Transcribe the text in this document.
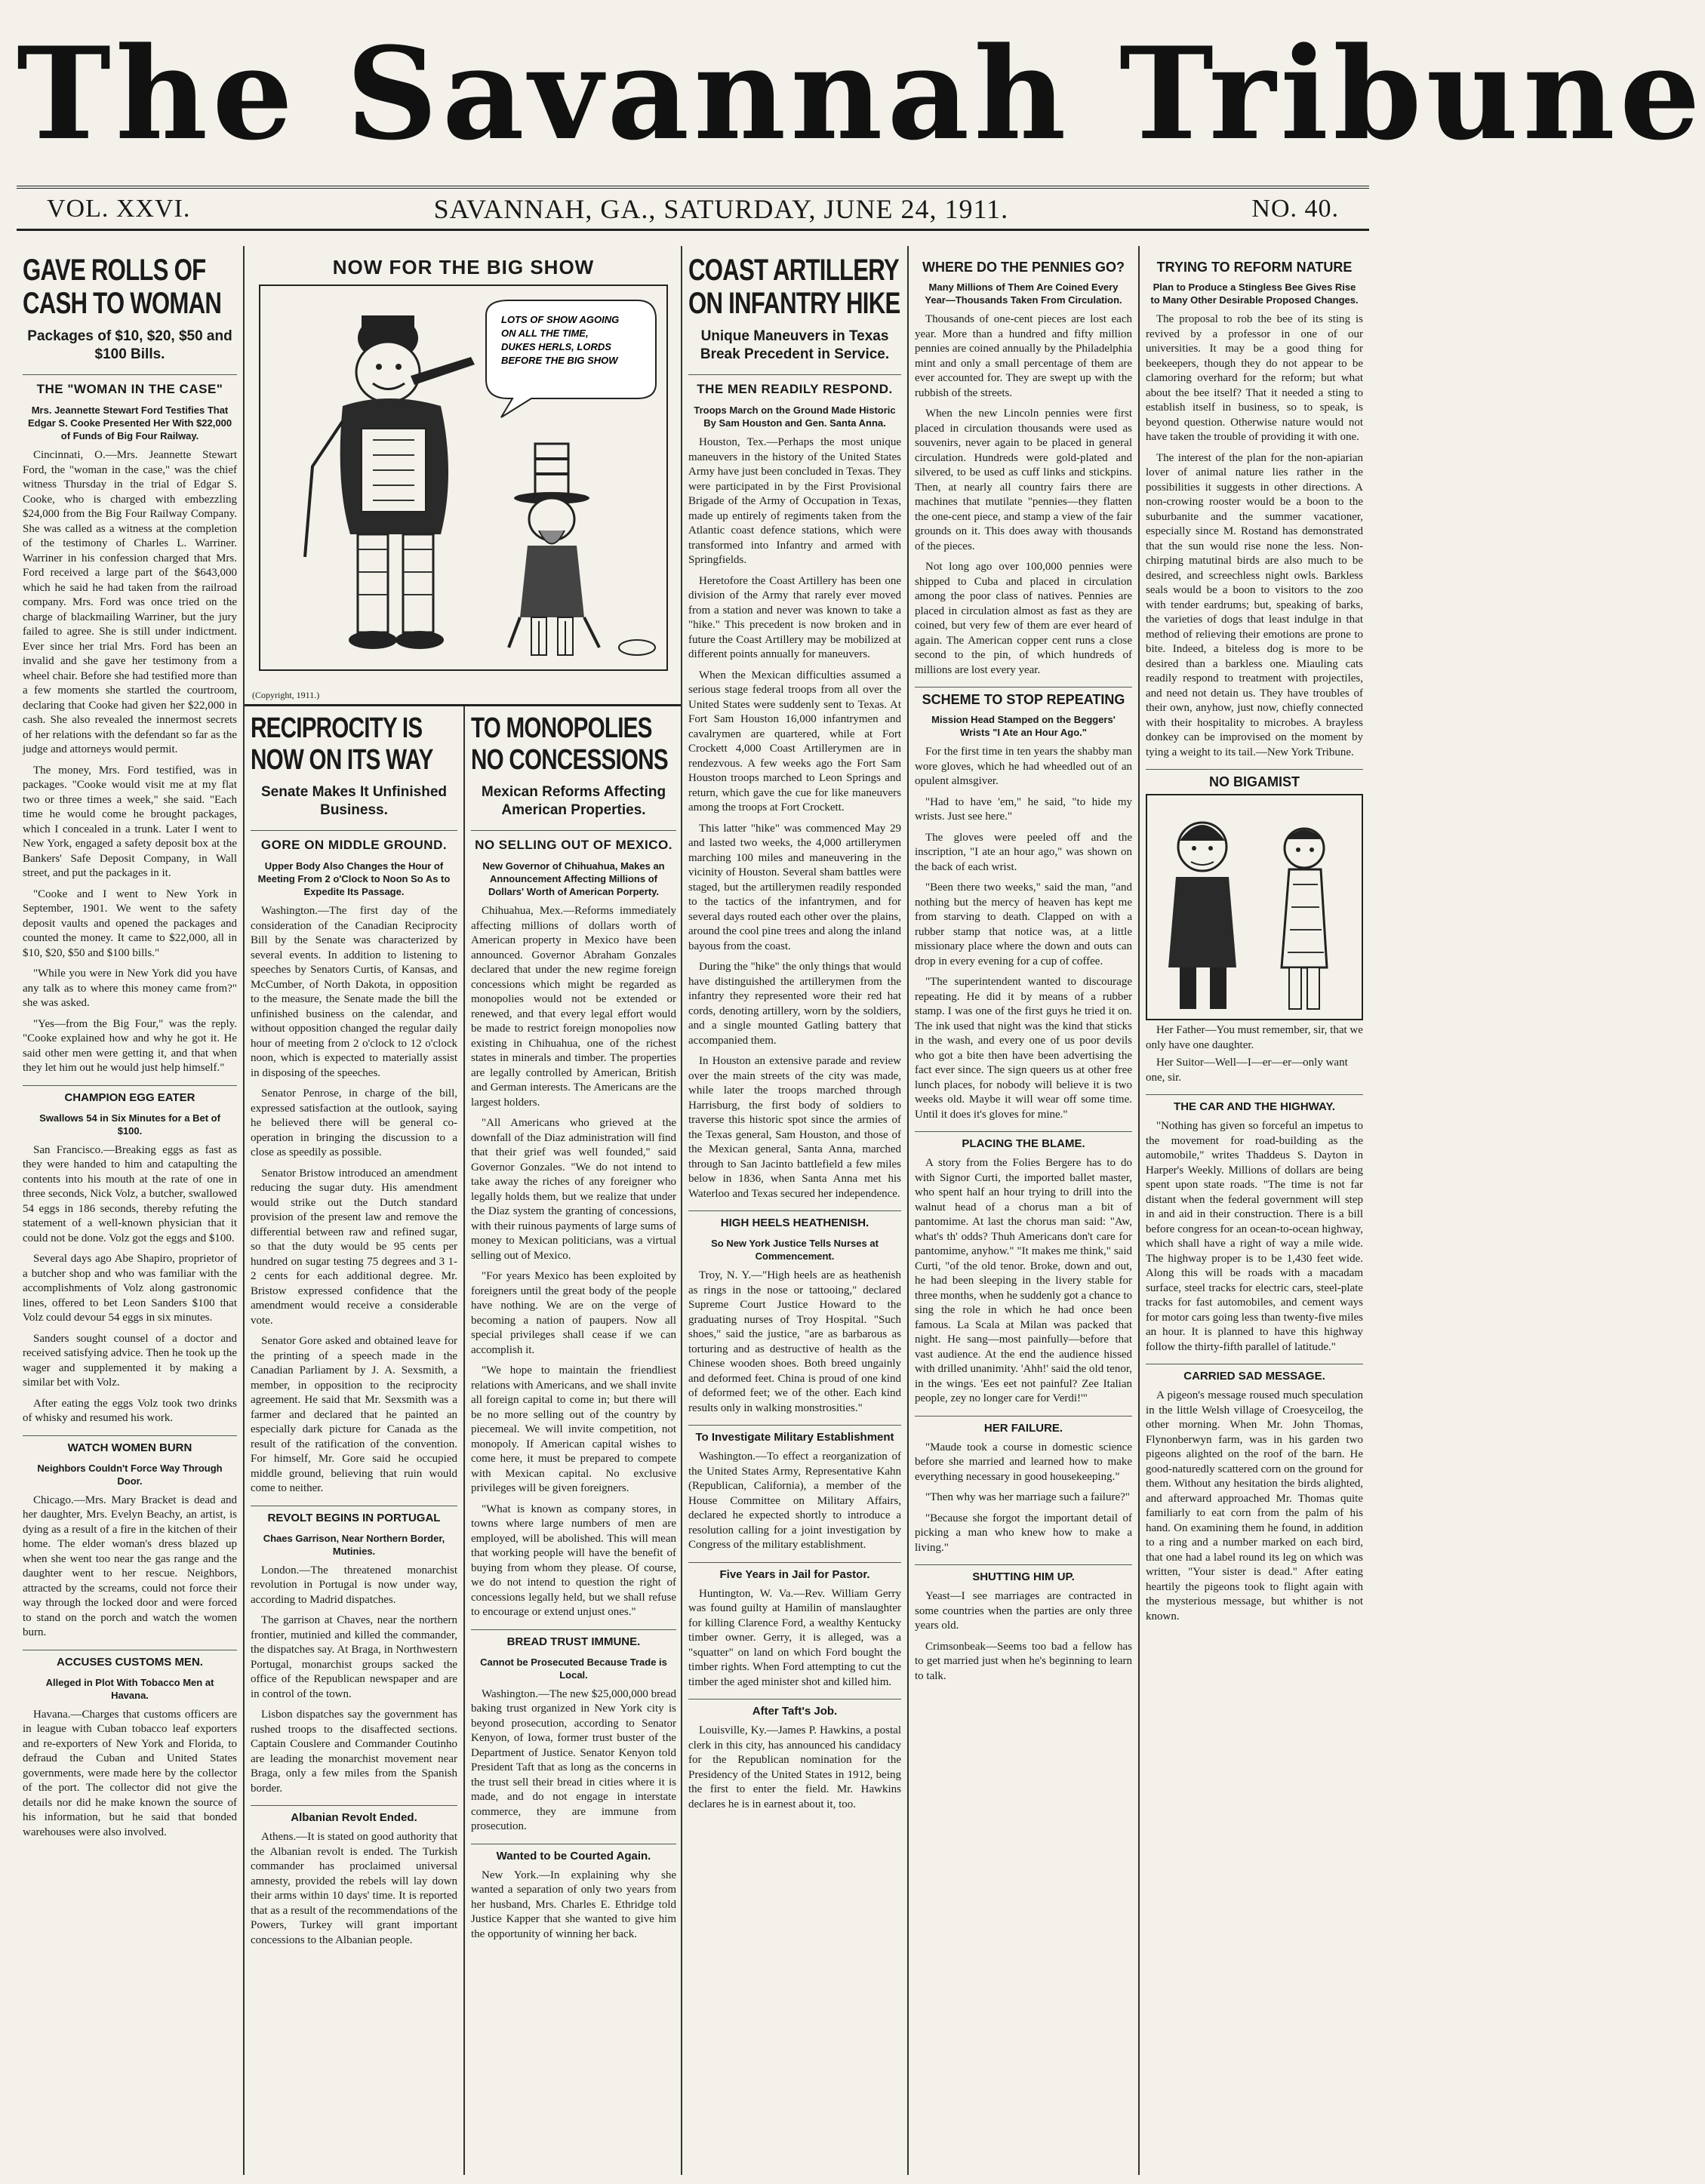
The Savannah Tribune
VOL. XXVI.	SAVANNAH, GA., SATURDAY, JUNE 24, 1911.	NO. 40.
GAVE ROLLS OF CASH TO WOMAN
Packages of $10, $20, $50 and $100 Bills.
THE "WOMAN IN THE CASE"
Mrs. Jeannette Stewart Ford Testifies That Edgar S. Cooke Presented Her With $22,000 of Funds of Big Four Railway.

Cincinnati, O.—Mrs. Jeannette Stewart Ford, the "woman in the case," was the chief witness Thursday in the trial of Edgar S. Cooke, who is charged with embezzling $24,000 from the Big Four Railway Company. She was called as a witness at the completion of the testimony of Charles L. Warriner. Warriner in his confession charged that Mrs. Ford received a large part of the $643,000 which he said he had taken from the railroad company. Mrs. Ford was once tried on the charge of blackmailing Warriner, but the jury failed to agree. She is still under indictment. Ever since her trial Mrs. Ford has been an invalid and she gave her testimony from a wheel chair. Before she had testified more than a few moments she startled the courtroom, declaring that Cooke had given her $22,000 in cash. She also revealed the innermost secrets of her relations with the defendant so far as the judge and attorneys would permit.

The money, Mrs. Ford testified, was in packages. "Cooke would visit me at my flat two or three times a week," she said. "Each time he would come he brought packages, which I concealed in a trunk. Later I went to New York, engaged a safety deposit box at the Bankers' Safe Deposit Company, in Wall street, and put the packages in it.

"Cooke and I went to New York in September, 1901. We went to the safety deposit vaults and opened the packages and counted the money. It came to $22,000, all in $10, $20, $50 and $100 bills."

"While you were in New York did you have any talk as to where this money came from?" she was asked.

"Yes—from the Big Four," was the reply. "Cooke explained how and why he got it. He said other men were getting it, and that when they let him out he would just help himself."

CHAMPION EGG EATER
Swallows 54 in Six Minutes for a Bet of $100.

San Francisco.—Breaking eggs as fast as they were handed to him and catapulting the contents into his mouth at the rate of one in three seconds, Nick Volz, a butcher, swallowed 54 eggs in 186 seconds, thereby refuting the statement of a well-known physician that it could not be done. Volz got the eggs and $100.

Several days ago Abe Shapiro, proprietor of a butcher shop and who was familiar with the accomplishments of Volz along gastronomic lines, offered to bet Leon Sanders $100 that Volz could devour 54 eggs in six minutes.

Sanders sought counsel of a doctor and received satisfying advice. Then he took up the wager and supplemented it by making a similar bet with Volz.

After eating the eggs Volz took two drinks of whisky and resumed his work.

WATCH WOMEN BURN
Neighbors Couldn't Force Way Through Door.

Chicago.—Mrs. Mary Bracket is dead and her daughter, Mrs. Evelyn Beachy, an artist, is dying as a result of a fire in the kitchen of their home. The elder woman's dress blazed up when she went too near the gas range and the daughter went to her rescue. Neighbors, attracted by the screams, could not force their way through the locked door and were forced to stand on the porch and watch the women burn.

ACCUSES CUSTOMS MEN.
Alleged in Plot With Tobacco Men at Havana.

Havana.—Charges that customs officers are in league with Cuban tobacco leaf exporters and re-exporters of New York and Florida, to defraud the Cuban and United States governments, were made here by the collector of the port. The collector did not give the details nor did he make known the source of his information, but he said that bonded warehouses were also involved.

NOW FOR THE BIG SHOW
LOTS OF SHOW AGOING ON ALL THE TIME, DUKES HERLS, LORDS BEFORE THE BIG SHOW
(Copyright, 1911.)
RECIPROCITY IS NOW ON ITS WAY
Senate Makes It Unfinished Business.
GORE ON MIDDLE GROUND.
Upper Body Also Changes the Hour of Meeting From 2 o'Clock to Noon So As to Expedite Its Passage.

Washington.—The first day of the consideration of the Canadian Reciprocity Bill by the Senate was characterized by several events. In addition to listening to speeches by Senators Curtis, of Kansas, and McCumber, of North Dakota, in opposition to the measure, the Senate made the bill the unfinished business on the calendar, and without opposition changed the regular daily hour of meeting from 2 o'clock to 12 o'clock noon, which is expected to materially assist in disposing of the speeches.

Senator Penrose, in charge of the bill, expressed satisfaction at the outlook, saying he believed there will be general co-operation in bringing the discussion to a close as speedily as possible.

Senator Bristow introduced an amendment reducing the sugar duty. His amendment would strike out the Dutch standard provision of the present law and remove the differential between raw and refined sugar, so that the duty would be 95 cents per hundred on sugar testing 75 degrees and 3 1-2 cents for each additional degree. Mr. Bristow expressed confidence that the amendment would receive a considerable vote.

Senator Gore asked and obtained leave for the printing of a speech made in the Canadian Parliament by J. A. Sexsmith, a member, in opposition to the reciprocity agreement. He said that Mr. Sexsmith was a farmer and declared that he painted an especially dark picture for Canada as the result of the ratification of the convention. For himself, Mr. Gore said he occupied middle ground, believing that ruin would come to neither.

REVOLT BEGINS IN PORTUGAL
Chaes Garrison, Near Northern Border, Mutinies.

London.—The threatened monarchist revolution in Portugal is now under way, according to Madrid dispatches.

The garrison at Chaves, near the northern frontier, mutinied and killed the commander, the dispatches say. At Braga, in Northwestern Portugal, monarchist groups sacked the office of the Republican newspaper and are in control of the town.

Lisbon dispatches say the government has rushed troops to the disaffected sections. Captain Couslere and Commander Coutinho are leading the monarchist movement near Braga, only a few miles from the Spanish border.

Albanian Revolt Ended.

Athens.—It is stated on good authority that the Albanian revolt is ended. The Turkish commander has proclaimed universal amnesty, provided the rebels will lay down their arms within 10 days' time. It is reported that as a result of the recommendations of the Powers, Turkey will grant important concessions to the Albanian people.

TO MONOPOLIES NO CONCESSIONS
Mexican Reforms Affecting American Properties.
NO SELLING OUT OF MEXICO.
New Governor of Chihuahua, Makes an Announcement Affecting Millions of Dollars' Worth of American Porperty.

Chihuahua, Mex.—Reforms immediately affecting millions of dollars worth of American property in Mexico have been announced. Governor Abraham Gonzales declared that under the new regime foreign concessions which might be regarded as monopolies would not be extended or renewed, and that every legal effort would be made to restrict foreign monopolies now existing in Chihuahua, one of the richest states in minerals and timber. The properties are legally controlled by American, British and German interests. The Americans are the largest holders.

"All Americans who grieved at the downfall of the Diaz administration will find that their grief was well founded," said Governor Gonzales. "We do not intend to take away the riches of any foreigner who legally holds them, but we realize that under the Diaz system the granting of concessions, with their ruinous payments of large sums of money to Mexican politicians, was a virtual selling out of Mexico.

"For years Mexico has been exploited by foreigners until the great body of the people have nothing. We are on the verge of becoming a nation of paupers. Now all special privileges shall cease if we can accomplish it.

"We hope to maintain the friendliest relations with Americans, and we shall invite all foreign capital to come in; but there will be no more selling out of the country by piecemeal. We will invite competition, not monopoly. If American capital wishes to come here, it must be prepared to compete with Mexican capital. No exclusive privileges will be given foreigners.

"What is known as company stores, in towns where large numbers of men are employed, will be abolished. This will mean that working people will have the benefit of buying from whom they please. Of course, we do not intend to question the right of concessions legally held, but we shall refuse to encourage or extend unjust ones."

BREAD TRUST IMMUNE.
Cannot be Prosecuted Because Trade is Local.

Washington.—The new $25,000,000 bread baking trust organized in New York city is beyond prosecution, according to Senator Kenyon, of Iowa, former trust buster of the Department of Justice. Senator Kenyon told President Taft that as long as the concerns in the trust sell their bread in cities where it is made, and do not engage in interstate commerce, they are immune from prosecution.

Wanted to be Courted Again.

New York.—In explaining why she wanted a separation of only two years from her husband, Mrs. Charles E. Ethridge told Justice Kapper that she wanted to give him the opportunity of winning her back.

COAST ARTILLERY ON INFANTRY HIKE
Unique Maneuvers in Texas Break Precedent in Service.
THE MEN READILY RESPOND.
Troops March on the Ground Made Historic By Sam Houston and Gen. Santa Anna.

Houston, Tex.—Perhaps the most unique maneuvers in the history of the United States Army have just been concluded in Texas. They were participated in by the First Provisional Brigade of the Army of Occupation in Texas, made up entirely of regiments taken from the Atlantic coast defence stations, which were transformed into Infantry and armed with Springfields.

Heretofore the Coast Artillery has been one division of the Army that rarely ever moved from a station and never was known to take a "hike." This precedent is now broken and in future the Coast Artillery may be mobilized at different points annually for maneuvers.

When the Mexican difficulties assumed a serious stage federal troops from all over the United States were suddenly sent to Texas. At Fort Sam Houston 16,000 infantrymen and cavalrymen are quartered, while at Fort Crockett 4,000 Coast Artillerymen are in rendezvous. A few weeks ago the Fort Sam Houston troops marched to Leon Springs and return, which gave the cue for like maneuvers among the troops at Fort Crockett.

This latter "hike" was commenced May 29 and lasted two weeks, the 4,000 artillerymen marching 100 miles and maneuvering in the vicinity of Houston. Several sham battles were staged, but the artillerymen readily responded to the tactics of the infantrymen, and for several days routed each other over the plains, around the cool pine trees and along the inland bayous from the coast.

During the "hike" the only things that would have distinguished the artillerymen from the infantry they represented wore their red hat cords, denoting artillery, worn by the soldiers, and a single mounted Gatling battery that accompanied them.

In Houston an extensive parade and review over the main streets of the city was made, while later the troops marched through Harrisburg, the first body of soldiers to traverse this historic spot since the armies of the Texas general, Sam Houston, and those of the Mexican general, Santa Anna, marched through to San Jacinto battlefield a few miles below in 1836, when Santa Anna met his Waterloo and Texas secured her independence.

HIGH HEELS HEATHENISH.
So New York Justice Tells Nurses at Commencement.

Troy, N. Y.—"High heels are as heathenish as rings in the nose or tattooing," declared Supreme Court Justice Howard to the graduating nurses of Troy Hospital. "Such shoes," said the justice, "are as barbarous as torturing and as destructive of health as the Chinese wooden shoes. Both breed ungainly and deformed feet. China is proud of one kind of deformed feet; we of the other. Each kind results only in walking monstrosities."

To Investigate Military Establishment

Washington.—To effect a reorganization of the United States Army, Representative Kahn (Republican, California), a member of the House Committee on Military Affairs, declared he expected shortly to introduce a resolution calling for a joint investigation by Congress of the military establishment.

Five Years in Jail for Pastor.

Huntington, W. Va.—Rev. William Gerry was found guilty at Hamilin of manslaughter for killing Clarence Ford, a wealthy Kentucky timber owner. Gerry, it is alleged, was a "squatter" on land on which Ford bought the timber rights. When Ford attempting to cut the timber the aged minister shot and killed him.

After Taft's Job.

Louisville, Ky.—James P. Hawkins, a postal clerk in this city, has announced his candidacy for the Republican nomination for the Presidency of the United States in 1912, being the first to enter the field. Mr. Hawkins declares he is in earnest about it, too.

WHERE DO THE PENNIES GO?
Many Millions of Them Are Coined Every Year—Thousands Taken From Circulation.

Thousands of one-cent pieces are lost each year. More than a hundred and fifty million pennies are coined annually by the Philadelphia mint and only a small percentage of them are ever accounted for. They are swept up with the rubbish of the streets.

When the new Lincoln pennies were first placed in circulation thousands were used as souvenirs, never again to be placed in general circulation. Hundreds were gold-plated and silvered, to be used as cuff links and stickpins. Then, at nearly all country fairs there are machines that mutilate "pennies—they flatten the one-cent piece, and stamp a view of the fair grounds on it. This does away with thousands of the pieces.

Not long ago over 100,000 pennies were shipped to Cuba and placed in circulation among the poor class of natives. Pennies are placed in circulation almost as fast as they are coined, but very few of them are ever heard of again. The American copper cent runs a close second to the pin, of which hundreds of millions are lost every year.

SCHEME TO STOP REPEATING
Mission Head Stamped on the Beggers' Wrists "I Ate an Hour Ago."

For the first time in ten years the shabby man wore gloves, which he had wheedled out of an opulent almsgiver.

"Had to have 'em," he said, "to hide my wrists. Just see here."

The gloves were peeled off and the inscription, "I ate an hour ago," was shown on the back of each wrist.

"Been there two weeks," said the man, "and nothing but the mercy of heaven has kept me from starving to death. Clapped on with a rubber stamp that notice was, at a little missionary place where the down and outs can drop in every evening for a cup of coffee.

"The superintendent wanted to discourage repeating. He did it by means of a rubber stamp. I was one of the first guys he tried it on. The ink used that night was the kind that sticks in the wash, and every one of us poor devils who got a bite then have been advertising the fact ever since. The sign queers us at other free lunch places, for nobody will believe it is two weeks old. Maybe it will wear off some time. Until it does it's gloves for mine."

PLACING THE BLAME.

A story from the Folies Bergere has to do with Signor Curti, the imported ballet master, who spent half an hour trying to drill into the walnut head of a chorus man a bit of pantomime. At last the chorus man said: "Aw, what's th' odds? Thuh Americans don't care for pantomime, anyhow." "It makes me think," said Curti, "of the old tenor. Broke, down and out, he had been sleeping in the livery stable for three months, when he suddenly got a chance to sing the role in which he had once been famous. La Scala at Milan was packed that night. He sang—most painfully—before that vast audience. At the end the audience hissed with drilled unanimity. 'Ahh!' said the old tenor, in the wings. 'Ees eet not painful? Zee Italian people, zey no longer care for Verdi!'"

HER FAILURE.

"Maude took a course in domestic science before she married and learned how to make everything necessary in good housekeeping."

"Then why was her marriage such a failure?"

"Because she forgot the important detail of picking a man who knew how to make a living."

SHUTTING HIM UP.

Yeast—I see marriages are contracted in some countries when the parties are only three years old.

Crimsonbeak—Seems too bad a fellow has to get married just when he's beginning to learn to talk.

TRYING TO REFORM NATURE
Plan to Produce a Stingless Bee Gives Rise to Many Other Desirable Proposed Changes.

The proposal to rob the bee of its sting is revived by a professor in one of our universities. It may be a good thing for beekeepers, though they do not appear to be clamoring overhard for the reform; but what about the bee itself? That it needed a sting to establish itself in business, so to speak, is beyond question. Otherwise nature would not have taken the trouble of providing it with one.

The interest of the plan for the non-apiarian lover of animal nature lies rather in the possibilities it suggests in other directions. A non-crowing rooster would be a boon to the suburbanite and the summer vacationer, especially since M. Rostand has demonstrated that the sun would rise none the less. Non-chirping matutinal birds are also much to be desired, and screechless night owls. Barkless seals would be a boon to visitors to the zoo with tender eardrums; but, speaking of barks, the varieties of dogs that least indulge in that method of relieving their emotions are prone to bite. Indeed, a biteless dog is more to be desired than a barkless one. Miauling cats readily respond to treatment with projectiles, and need not detain us. They have troubles of their own, anyhow, just now, chiefly connected with their hospitality to microbes. A brayless donkey can be improvised on the moment by tying a weight to its tail.—New York Tribune.

NO BIGAMIST

Her Father—You must remember, sir, that we only have one daughter.

Her Suitor—Well—I—er—er—only want one, sir.

THE CAR AND THE HIGHWAY.

"Nothing has given so forceful an impetus to the movement for road-building as the automobile," writes Thaddeus S. Dayton in Harper's Weekly. Millions of dollars are being spent upon state roads. "The time is not far distant when the federal government will step in and aid in their construction. There is a bill before congress for an ocean-to-ocean highway, which shall have a right of way a mile wide. The highway proper is to be 1,430 feet wide. Along this will be roads with a macadam surface, steel tracks for electric cars, steel-plate tracks for fast automobiles, and cement ways for motor cars going less than twenty-five miles an hour. It is planned to have this highway follow the thirty-fifth parallel of latitude."

CARRIED SAD MESSAGE.

A pigeon's message roused much speculation in the little Welsh village of Croesyceilog, the other morning. When Mr. John Thomas, Flynonberwyn farm, was in his garden two pigeons alighted on the roof of the barn. He good-naturedly scattered corn on the ground for them. Without any hesitation the birds alighted, and afterward approached Mr. Thomas quite familiarly to eat corn from the palm of his hand. On examining them he found, in addition to a ring and a number marked on each bird, that one had a label round its leg on which was written, "Your sister is dead." After eating heartily the pigeons took to flight again with the mysterious message, but whither is not known.
